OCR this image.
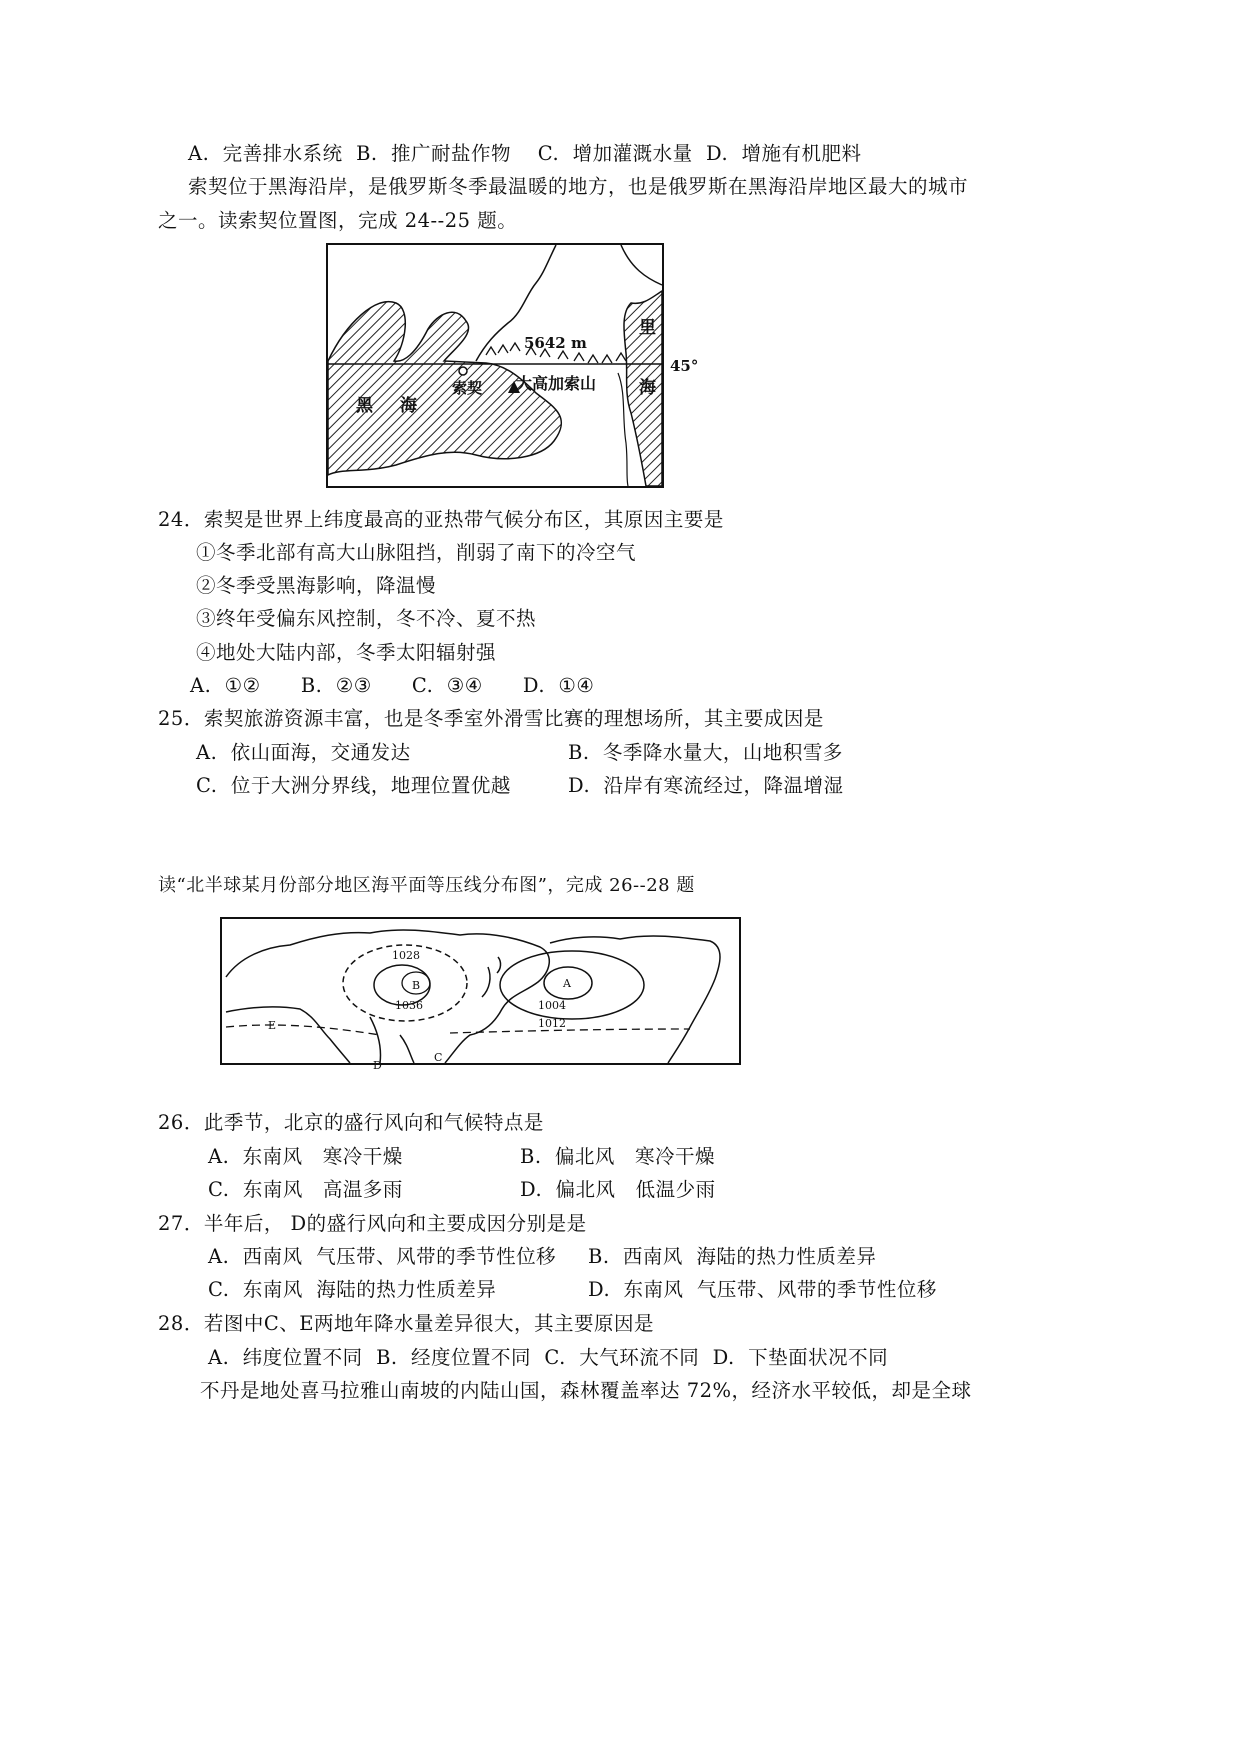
A.  完善排水系统  B.  推广耐盐作物    C.  增加灌溉水量  D.  增施有机肥料
索契位于黑海沿岸，是俄罗斯冬季最温暖的地方，也是俄罗斯在黑海沿岸地区最大的城市
之一。读索契位置图，完成 24--25 题。
5642 m
大高加索山
索契
黑 海
里
海
45°
24．索契是世界上纬度最高的亚热带气候分布区，其原因主要是
①冬季北部有高大山脉阻挡，削弱了南下的冷空气
②冬季受黑海影响，降温慢
③终年受偏东风控制，冬不冷、夏不热
④地处大陆内部，冬季太阳辐射强
A.  ①②      B.  ②③      C.  ③④      D.  ①④
25．索契旅游资源丰富，也是冬季室外滑雪比赛的理想场所，其主要成因是
A.  依山面海，交通发达	B.  冬季降水量大，山地积雪多
C.  位于大洲分界线，地理位置优越	D.  沿岸有寒流经过，降温增湿
读“北半球某月份部分地区海平面等压线分布图”，完成 26--28 题
B	A
C
D
E
1028
1036	1004
1012
26．此季节，北京的盛行风向和气候特点是
A.  东南风   寒冷干燥	B.  偏北风   寒冷干燥
C.  东南风   高温多雨	D.  偏北风   低温少雨
27．半年后， D的盛行风向和主要成因分别是是
A.  西南风  气压带、风带的季节性位移 B.  西南风  海陆的热力性质差异
C.  东南风  海陆的热力性质差异	D.  东南风  气压带、风带的季节性位移
28．若图中C、E两地年降水量差异很大，其主要原因是
A.  纬度位置不同  B.  经度位置不同  C.  大气环流不同  D.  下垫面状况不同
不丹是地处喜马拉雅山南坡的内陆山国，森林覆盖率达 72%，经济水平较低，却是全球
